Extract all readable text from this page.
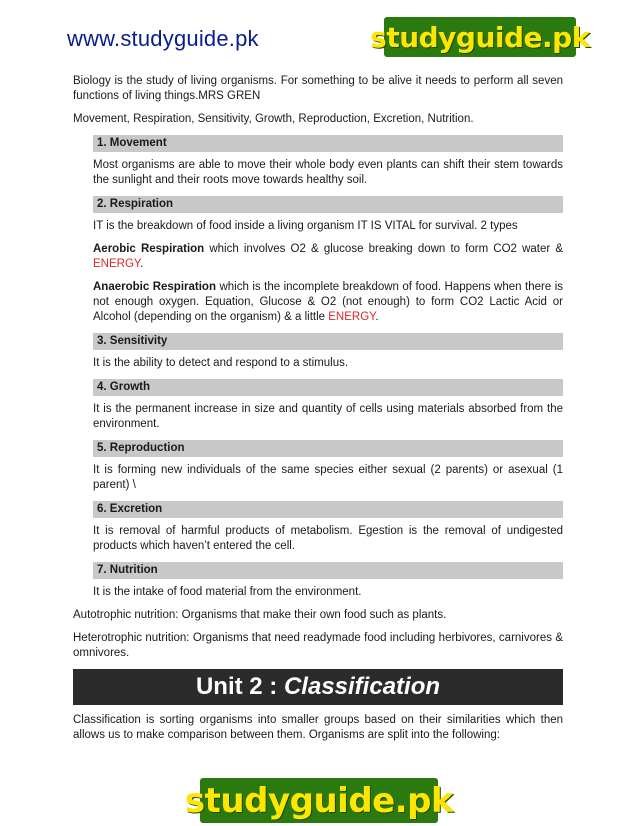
www.studyguide.pk	studyguide.pk

Biology is the study of living organisms. For something to be alive it needs to perform all seven functions of living things.MRS GREN

Movement, Respiration, Sensitivity, Growth, Reproduction, Excretion, Nutrition.

1. Movement

Most organisms are able to move their whole body even plants can shift their stem towards the sunlight and their roots move towards healthy soil.

2. Respiration

IT is the breakdown of food inside a living organism IT IS VITAL for survival. 2 types

Aerobic Respiration which involves O2 & glucose breaking down to form CO2 water & ENERGY.

Anaerobic Respiration which is the incomplete breakdown of food. Happens when there is not enough oxygen. Equation, Glucose & O2 (not enough) to form CO2 Lactic Acid or Alcohol (depending on the organism) & a little ENERGY.

3. Sensitivity

It is the ability to detect and respond to a stimulus.

4. Growth

It is the permanent increase in size and quantity of cells using materials absorbed from the environment.

5. Reproduction

It is forming new individuals of the same species either sexual (2 parents) or asexual (1 parent) \

6. Excretion

It is removal of harmful products of metabolism. Egestion is the removal of undigested products which haven’t entered the cell.

7. Nutrition

It is the intake of food material from the environment.

Autotrophic nutrition: Organisms that make their own food such as plants.

Heterotrophic nutrition: Organisms that need readymade food including herbivores, carnivores & omnivores.

Unit 2 : Classification

Classification is sorting organisms into smaller groups based on their similarities which then allows us to make comparison between them. Organisms are split into the following:

studyguide.pk
